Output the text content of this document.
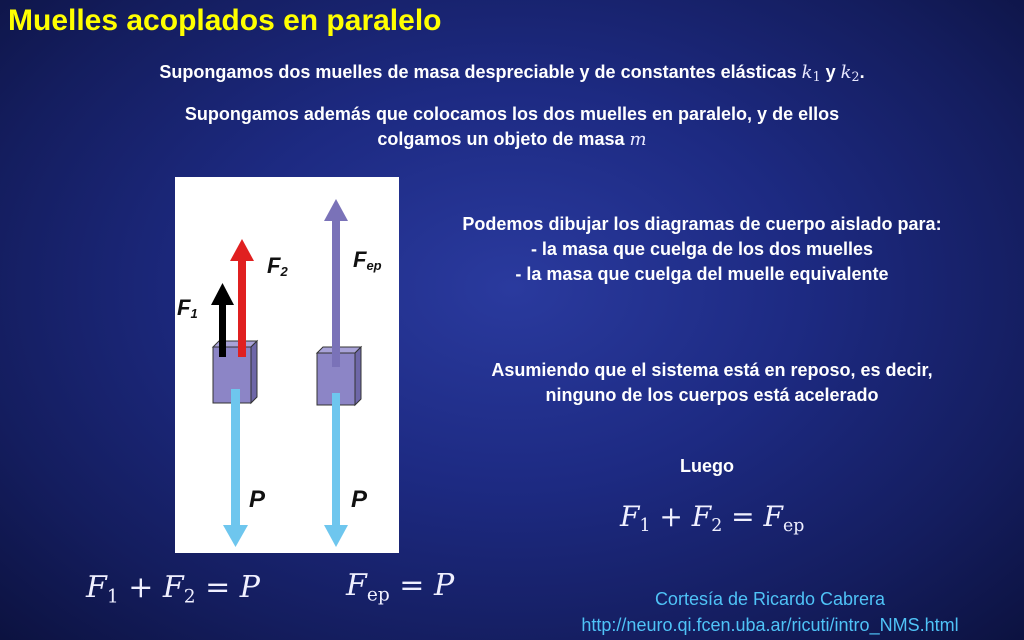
Muelles acoplados en paralelo
Supongamos dos muelles de masa despreciable y de constantes elásticas k1 y k2.
Supongamos además que colocamos los dos muelles en paralelo, y de ellos
colgamos un objeto de masa m
F1
F2	Fep
P	P
Podemos dibujar los diagramas de cuerpo aislado para:
- la masa que cuelga de los dos muelles
- la masa que cuelga del muelle equivalente
Asumiendo que el sistema está en reposo, es decir,
ninguno de los cuerpos está acelerado
Luego
$F_1 + F_2 = F_{ep}$
$F_1 + F_2 = P$	$F_{ep} = P$	Cortesía de Ricardo Cabrera
http://neuro.qi.fcen.uba.ar/ricuti/intro_NMS.html
